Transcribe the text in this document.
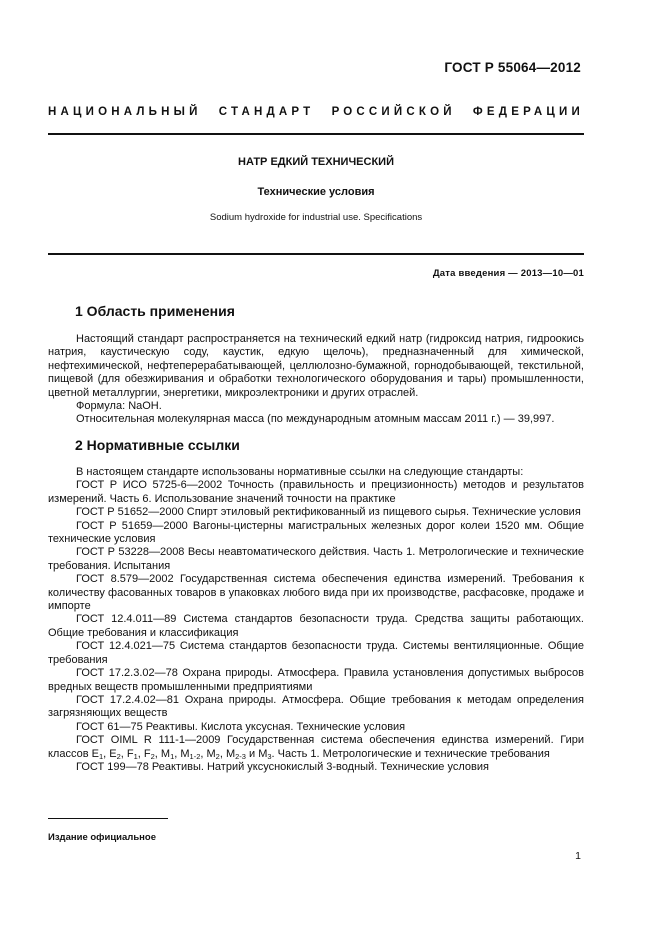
ГОСТ Р 55064—2012
НАЦИОНАЛЬНЫЙ СТАНДАРТ РОССИЙСКОЙ ФЕДЕРАЦИИ
НАТР ЕДКИЙ ТЕХНИЧЕСКИЙ
Технические условия
Sodium hydroxide for industrial use. Specifications
Дата введения — 2013—10—01
1 Область применения

Настоящий стандарт распространяется на технический едкий натр (гидроксид натрия, гидроокись натрия, каустическую соду, каустик, едкую щелочь), предназначенный для химической, нефтехимической, нефтеперерабатывающей, целлюлозно-бумажной, горнодобывающей, текстильной, пищевой (для обезжиривания и обработки технологического оборудования и тары) промышленности, цветной металлургии, энергетики, микроэлектроники и других отраслей.

Формула: NaOH.

Относительная молекулярная масса (по международным атомным массам 2011 г.) — 39,997.

2 Нормативные ссылки

В настоящем стандарте использованы нормативные ссылки на следующие стандарты:

ГОСТ Р ИСО 5725-6—2002 Точность (правильность и прецизионность) методов и результатов измерений. Часть 6. Использование значений точности на практике

ГОСТ Р 51652—2000 Спирт этиловый ректификованный из пищевого сырья. Технические условия

ГОСТ Р 51659—2000 Вагоны-цистерны магистральных железных дорог колеи 1520 мм. Общие технические условия

ГОСТ Р 53228—2008 Весы неавтоматического действия. Часть 1. Метрологические и технические требования. Испытания

ГОСТ 8.579—2002 Государственная система обеспечения единства измерений. Требования к количеству фасованных товаров в упаковках любого вида при их производстве, расфасовке, продаже и импорте

ГОСТ 12.4.011—89 Система стандартов безопасности труда. Средства защиты работающих. Общие требования и классификация

ГОСТ 12.4.021—75 Система стандартов безопасности труда. Системы вентиляционные. Общие требования

ГОСТ 17.2.3.02—78 Охрана природы. Атмосфера. Правила установления допустимых выбросов вредных веществ промышленными предприятиями

ГОСТ 17.2.4.02—81 Охрана природы. Атмосфера. Общие требования к методам определения загрязняющих веществ

ГОСТ 61—75 Реактивы. Кислота уксусная. Технические условия

ГОСТ OIML R 111-1—2009 Государственная система обеспечения единства измерений. Гири классов $E_1$, $E_2$, $F_1$, $F_2$, $M_1$, $M_{1-2}$, $M_2$, $M_{2-3}$ и $M_3$. Часть 1. Метрологические и технические требования

ГОСТ 199—78 Реактивы. Натрий уксуснокислый 3-водный. Технические условия

Издание официальное
1
